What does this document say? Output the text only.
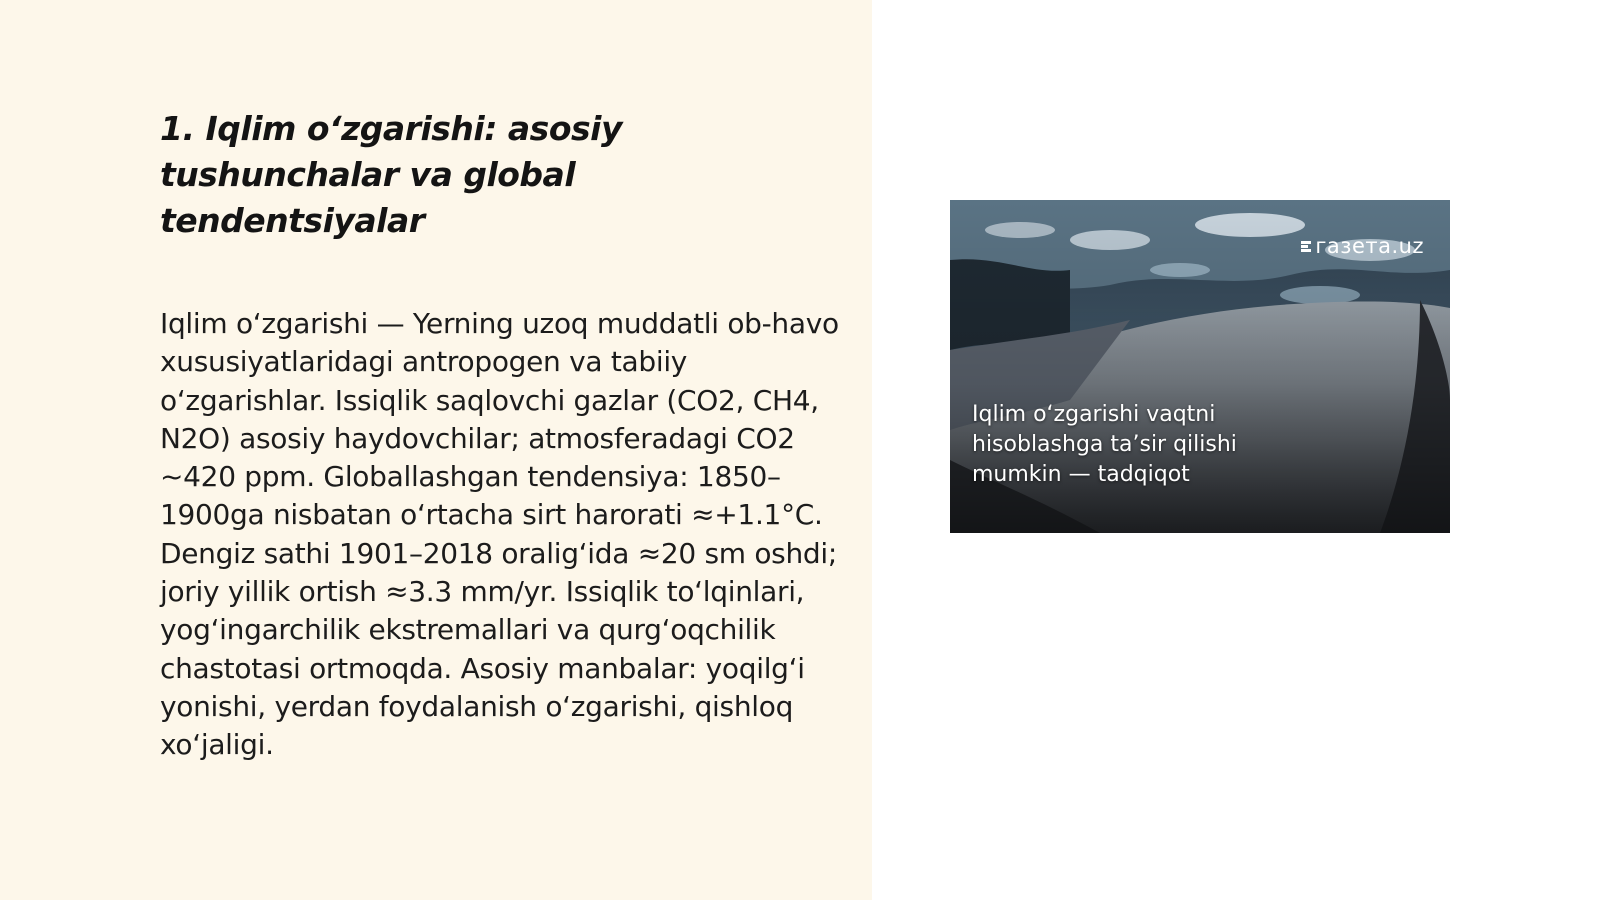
1. Iqlim o‘zgarishi: asosiy tushunchalar va global tendentsiyalar

Iqlim o‘zgarishi — Yerning uzoq muddatli ob-havo xususiyatlaridagi antropogen va tabiiy o‘zgarishlar. Issiqlik saqlovchi gazlar (CO2, CH4, N2O) asosiy haydovchilar; atmosferadagi CO2 ~420 ppm. Globallashgan tendensiya: 1850–1900ga nisbatan o‘rtacha sirt harorati ≈+1.1°C. Dengiz sathi 1901–2018 oralig‘ida ≈20 sm oshdi; joriy yillik ortish ≈3.3 mm/yr. Issiqlik to‘lqinlari, yog‘ingarchilik ekstremallari va qurg‘oqchilik chastotasi ortmoqda. Asosiy manbalar: yoqilg‘i yonishi, yerdan foydalanish o‘zgarishi, qishloq xo‘jaligi.

газета.uz
Iqlim o‘zgarishi vaqtni hisoblashga ta’sir qilishi mumkin — tadqiqot
